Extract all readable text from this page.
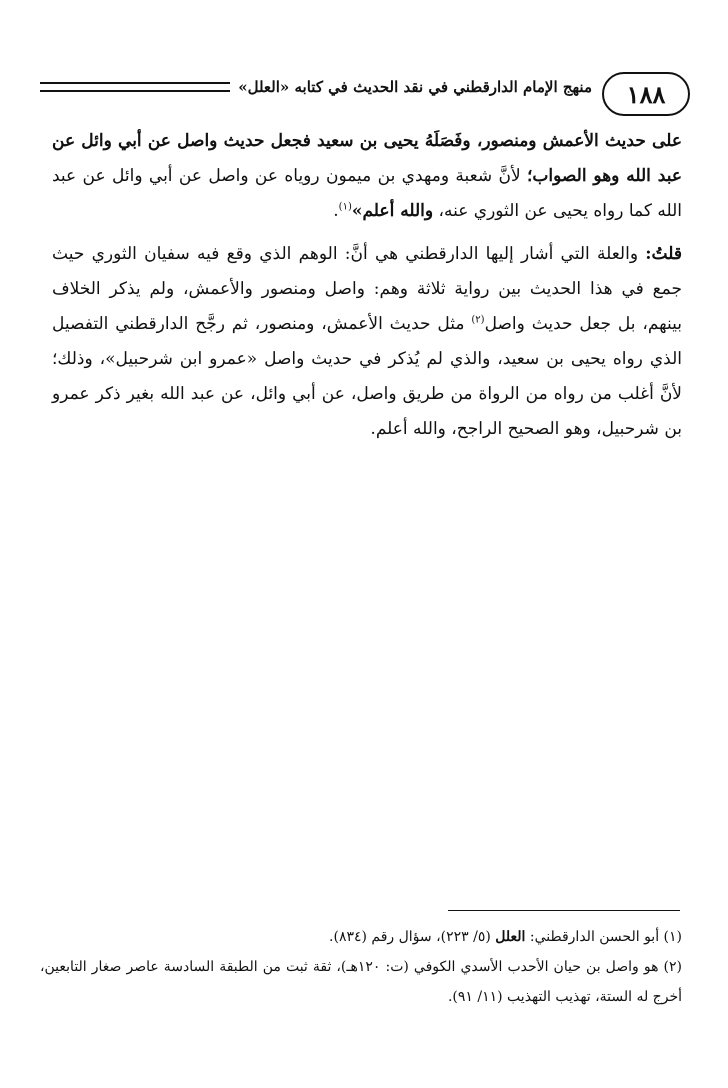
١٨٨
منهج الإمام الدارقطني في نقد الحديث في كتابه «العلل»

على حديث الأعمش ومنصور، وفَصَلَهُ يحيى بن سعيد فجعل حديث واصل عن أبي وائل عن عبد الله وهو الصواب؛ لأنَّ شعبة ومهدي بن ميمون روياه عن واصل عن أبي وائل عن عبد الله كما رواه يحيى عن الثوري عنه، والله أعلم»$^{(١)}$.

قلتُ: والعلة التي أشار إليها الدارقطني هي أنَّ: الوهم الذي وقع فيه سفيان الثوري حيث جمع في هذا الحديث بين رواية ثلاثة وهم: واصل ومنصور والأعمش، ولم يذكر الخلاف بينهم، بل جعل حديث واصل$^{(٢)}$ مثل حديث الأعمش، ومنصور، ثم رجَّح الدارقطني التفصيل الذي رواه يحيى بن سعيد، والذي لم يُذكر في حديث واصل «عمرو ابن شرحبيل»، وذلك؛ لأنَّ أغلب من رواه من الرواة من طريق واصل، عن أبي وائل، عن عبد الله بغير ذكر عمرو بن شرحبيل، وهو الصحيح الراجح، والله أعلم.

(١) أبو الحسن الدارقطني: العلل (٥/ ٢٢٣)، سؤال رقم (٨٣٤).

(٢) هو واصل بن حيان الأحدب الأسدي الكوفي (ت: ١٢٠هـ)، ثقة ثبت من الطبقة السادسة عاصر صغار التابعين، أخرج له الستة، تهذيب التهذيب (١١/ ٩١).
